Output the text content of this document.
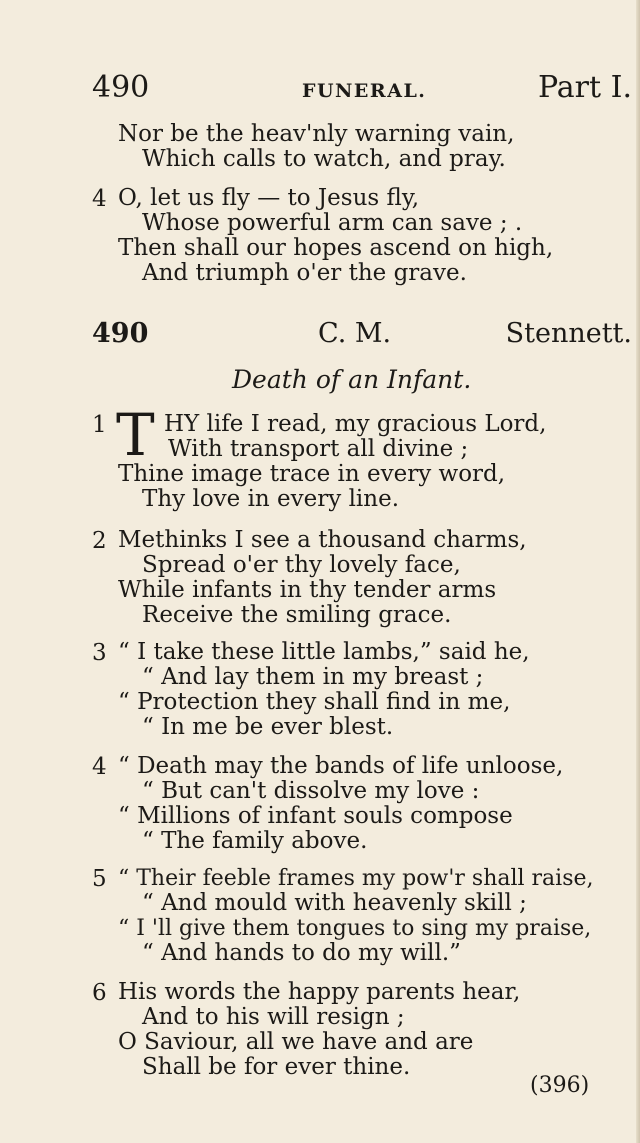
490	FUNERAL.	Part I.
Nor be the heav'nly warning vain,
Which calls to watch, and pray.
4 O, let us fly — to Jesus fly,
Whose powerful arm can save ; .
Then shall our hopes ascend on high,
And triumph o'er the grave.
490	C. M.	Stennett.
Death of an Infant.
1 T HY life I read, my gracious Lord,
With transport all divine ;
Thine image trace in every word,
Thy love in every line.
2 Methinks I see a thousand charms,
Spread o'er thy lovely face,
While infants in thy tender arms
Receive the smiling grace.
3 “ I take these little lambs,” said he,
“ And lay them in my breast ;
“ Protection they shall find in me,
“ In me be ever blest.
4 “ Death may the bands of life unloose,
“ But can't dissolve my love :
“ Millions of infant souls compose
“ The family above.
5 “ Their feeble frames my pow'r shall raise,
“ And mould with heavenly skill ;
“ I 'll give them tongues to sing my praise,
“ And hands to do my will.”
6 His words the happy parents hear,
And to his will resign ;
O Saviour, all we have and are
Shall be for ever thine.
(396)
